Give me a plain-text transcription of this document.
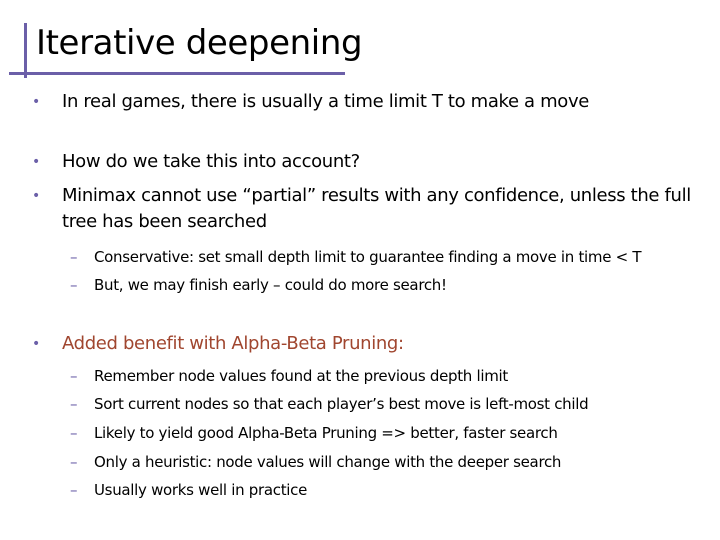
Iterative deepening
•	In real games, there is usually a time limit T to make a move
•	How do we take this into account?
•	Minimax cannot use “partial” results with any confidence, unless the full tree has been searched
–	Conservative: set small depth limit to guarantee finding a move in time < T
–	But, we may finish early – could do more search!
•	Added benefit with Alpha-Beta Pruning:
–	Remember node values found at the previous depth limit
–	Sort current nodes so that each player’s best move is left-most child
–	Likely to yield good Alpha-Beta Pruning => better, faster search
–	Only a heuristic: node values will change with the deeper search
–	Usually works well in practice
